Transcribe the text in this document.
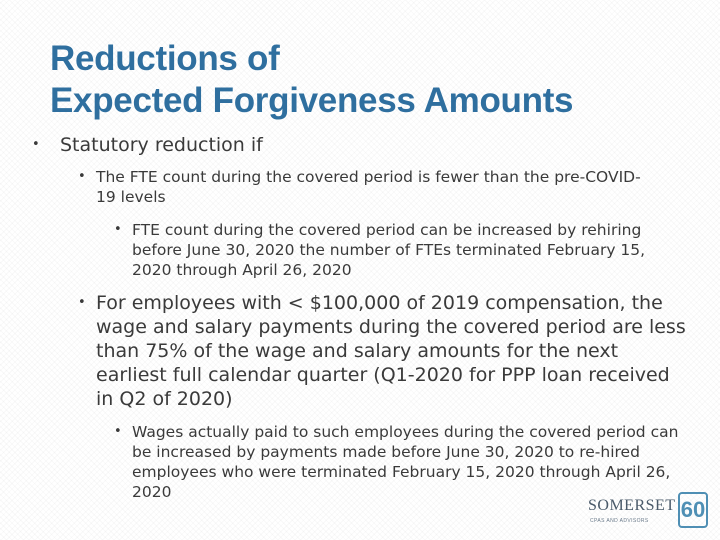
Reductions of
Expected Forgiveness Amounts
• Statutory reduction if
• The FTE count during the covered period is fewer than the pre-COVID-19 levels
• FTE count during the covered period can be increased by rehiring before June 30, 2020 the number of FTEs terminated February 15, 2020 through April 26, 2020
• For employees with < $100,000 of 2019 compensation, the wage and salary payments during the covered period are less than 75% of the wage and salary amounts for the next earliest full calendar quarter (Q1-2020 for PPP loan received in Q2 of 2020)
• Wages actually paid to such employees during the covered period can be increased by payments made before June 30, 2020 to re-hired employees who were terminated February 15, 2020 through April 26, 2020
SOMERSET
CPAS AND ADVISORS 60
